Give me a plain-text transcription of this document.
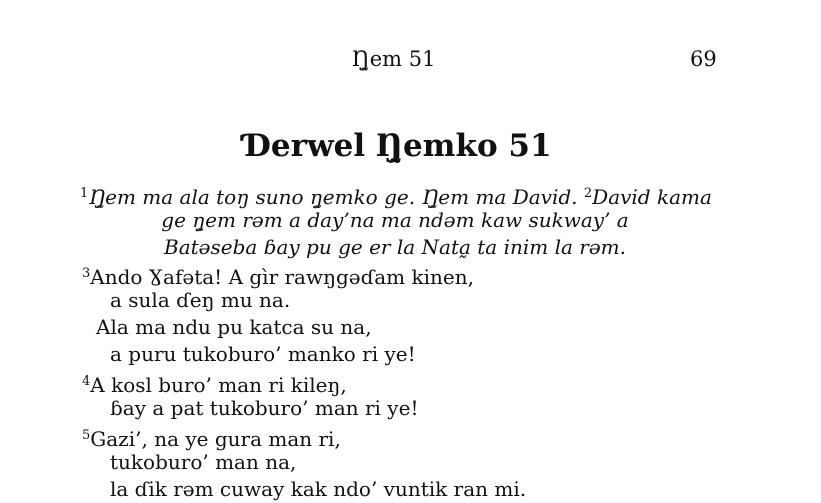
Ŋ̰em 51	69
Ɗerwel Ŋ̰emko 51
$^1$Ŋ̰em ma ala toŋ suno ŋ̰emko ge. Ŋ̰em ma David. $^2$David kama
ge ŋ̰em rəm a day’na ma ndəm kaw sukway’ a
Batəseba ɓay pu ge er la Nata̰ ta inim la rəm.
$^3$Ando Ɣafəta! A gìr rawŋgəɗam kinen,
a sula ɗeŋ mu na.
Ala ma ndu pu katca su na,
a puru tukoburo’ manko ri ye!
$^4$A kosl buro’ man ri kileŋ,
ɓay a pat tukoburo’ man ri ye!
$^5$Gazi’, na ye gura man ri,
tukoburo’ man na,
la ɗik rəm cuway kak ndo’ vuntik ran mi.
